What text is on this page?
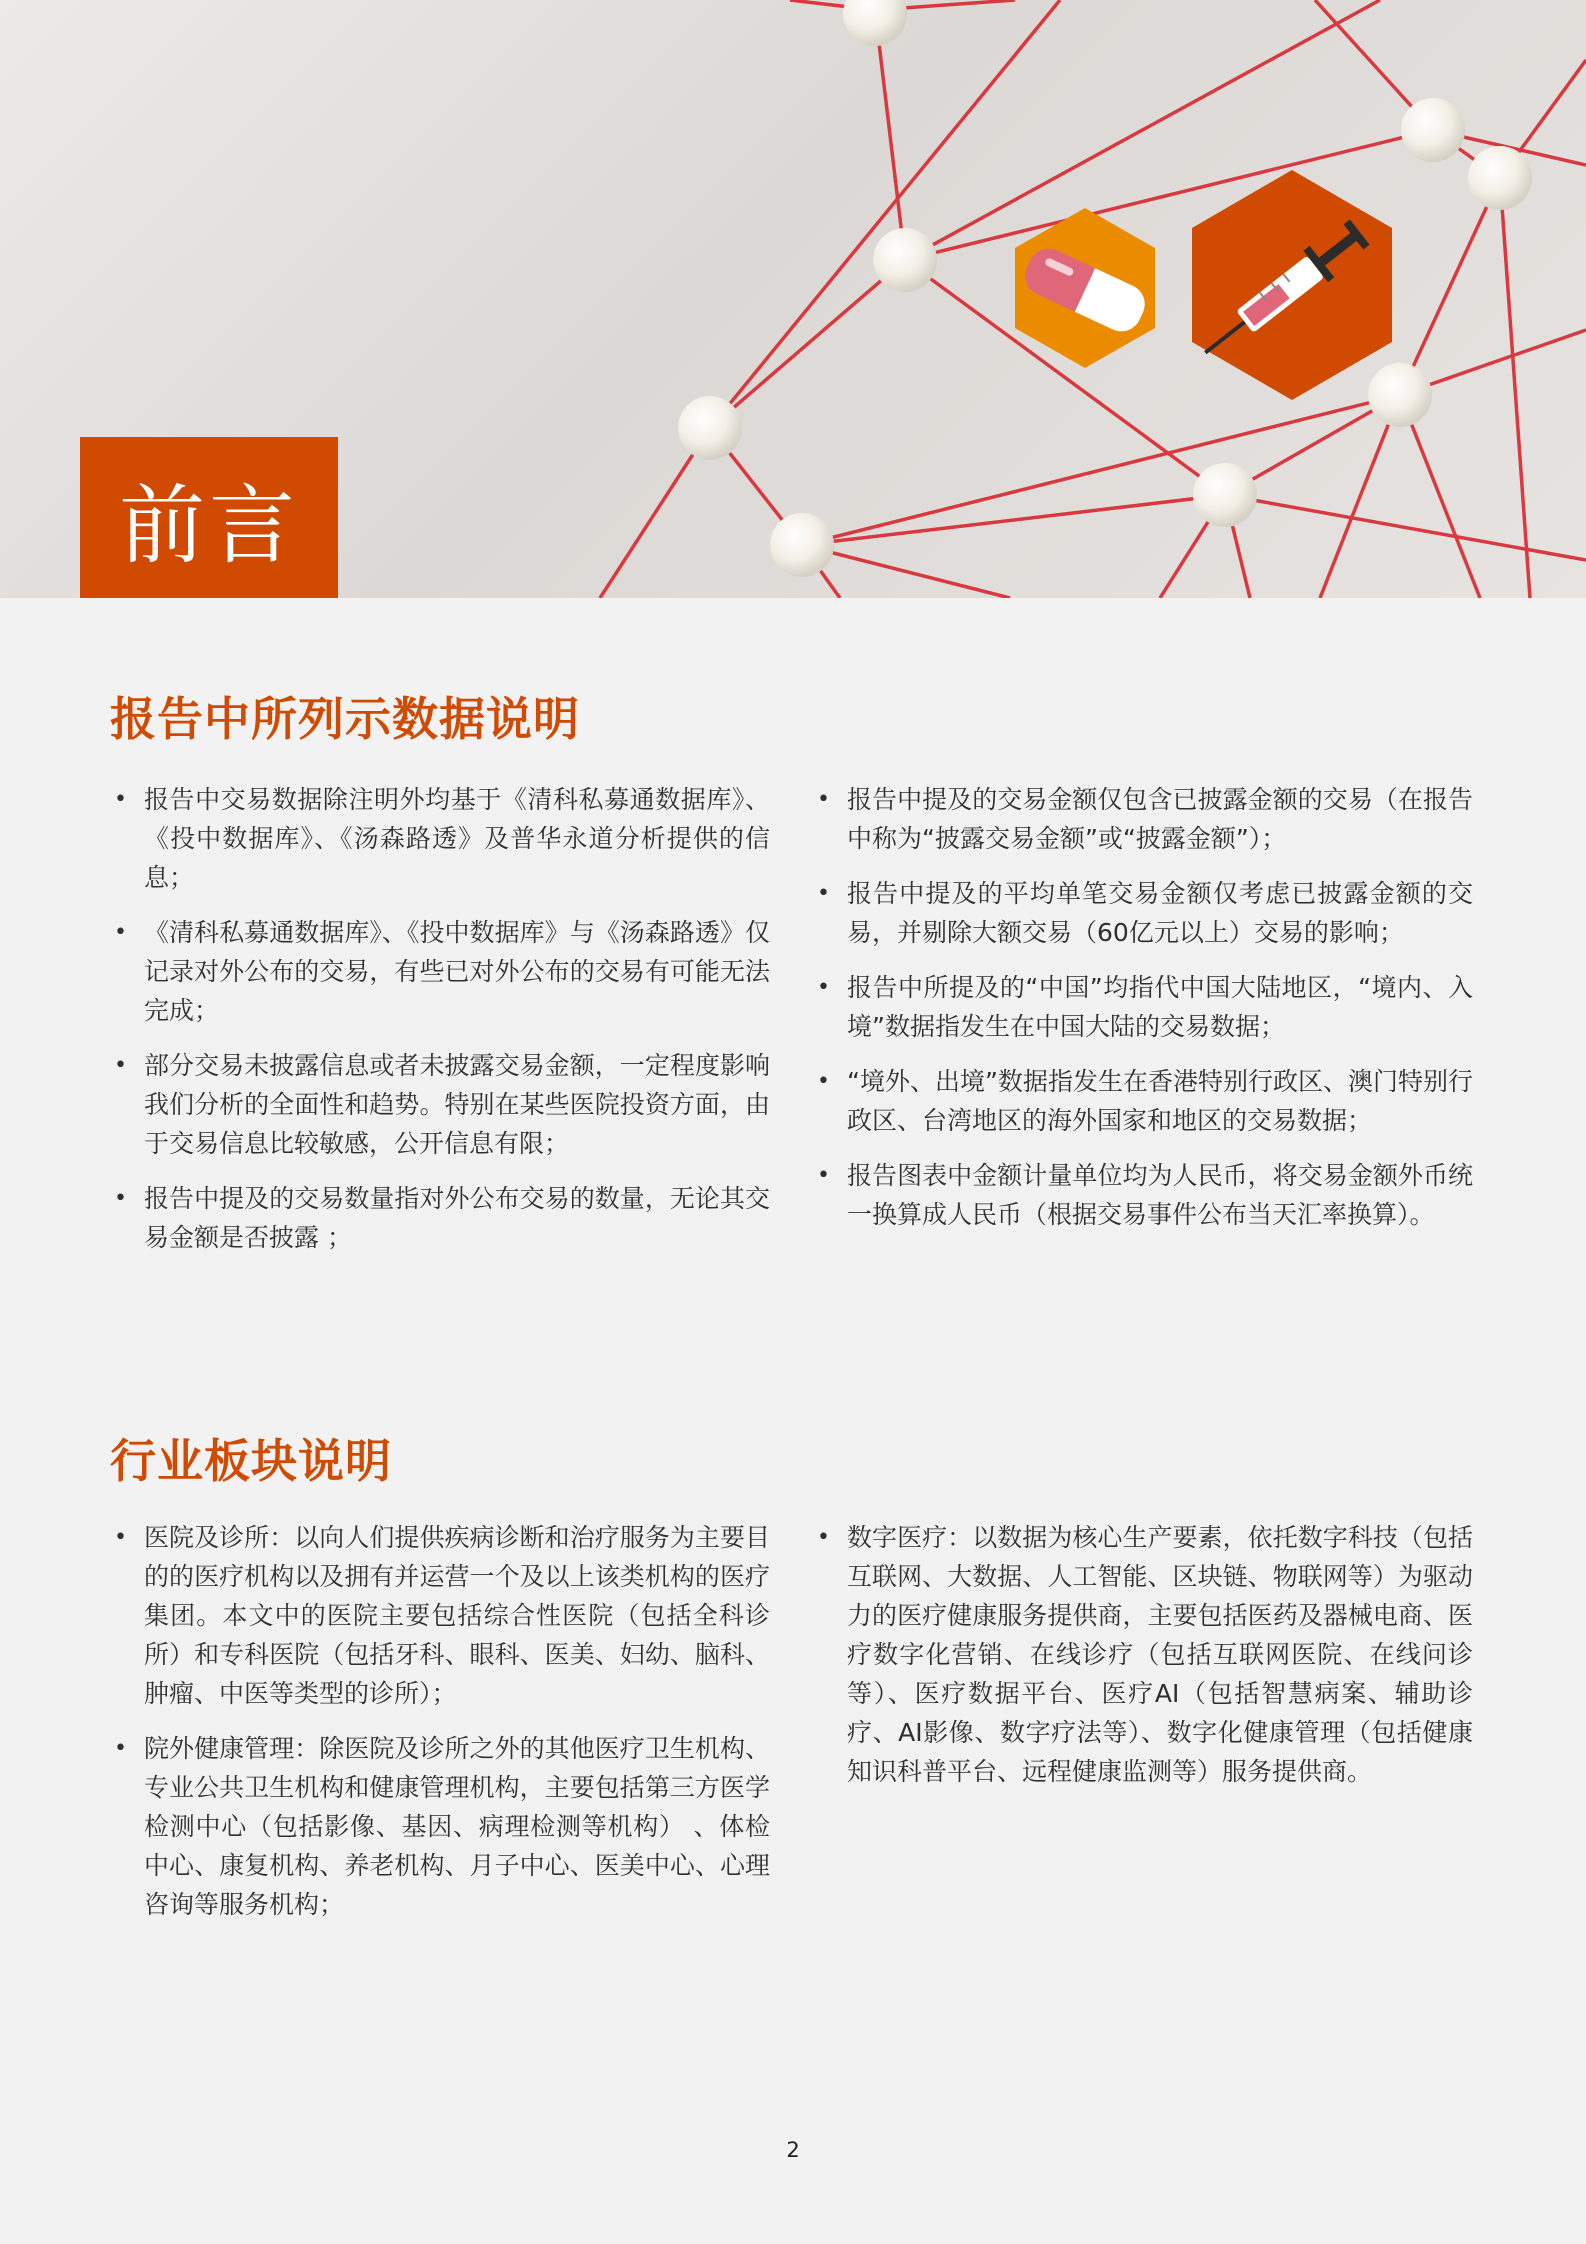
前言
报告中所列示数据说明
• 报告中交易数据除注明外均基于《清科私募通数据库》、《投中数据库》、《汤森路透》及普华永道分析提供的信息；
• 《清科私募通数据库》、《投中数据库》与《汤森路透》仅记录对外公布的交易，有些已对外公布的交易有可能无法完成；
• 部分交易未披露信息或者未披露交易金额，一定程度影响我们分析的全面性和趋势。特别在某些医院投资方面，由于交易信息比较敏感，公开信息有限；
• 报告中提及的交易数量指对外公布交易的数量，无论其交易金额是否披露 ；
• 报告中提及的交易金额仅包含已披露金额的交易（在报告中称为“披露交易金额”或“披露金额”）；
• 报告中提及的平均单笔交易金额仅考虑已披露金额的交易，并剔除大额交易（60亿元以上）交易的影响；
• 报告中所提及的“中国”均指代中国大陆地区，“境内、入境”数据指发生在中国大陆的交易数据；
• “境外、出境”数据指发生在香港特别行政区、澳门特别行政区、台湾地区的海外国家和地区的交易数据；
• 报告图表中金额计量单位均为人民币，将交易金额外币统一换算成人民币（根据交易事件公布当天汇率换算）。
行业板块说明
• 医院及诊所：以向人们提供疾病诊断和治疗服务为主要目的的医疗机构以及拥有并运营一个及以上该类机构的医疗集团。本文中的医院主要包括综合性医院（包括全科诊所）和专科医院（包括牙科、眼科、医美、妇幼、脑科、肿瘤、中医等类型的诊所）；
• 院外健康管理：除医院及诊所之外的其他医疗卫生机构、专业公共卫生机构和健康管理机构，主要包括第三方医学检测中心（包括影像、基因、病理检测等机构） 、体检中心、康复机构、养老机构、月子中心、医美中心、心理咨询等服务机构；
• 数字医疗：以数据为核心生产要素，依托数字科技（包括互联网、大数据、人工智能、区块链、物联网等）为驱动力的医疗健康服务提供商，主要包括医药及器械电商、医疗数字化营销、在线诊疗（包括互联网医院、在线问诊等）、医疗数据平台、医疗AI（包括智慧病案、辅助诊疗、AI影像、数字疗法等）、数字化健康管理（包括健康知识科普平台、远程健康监测等）服务提供商。
2
